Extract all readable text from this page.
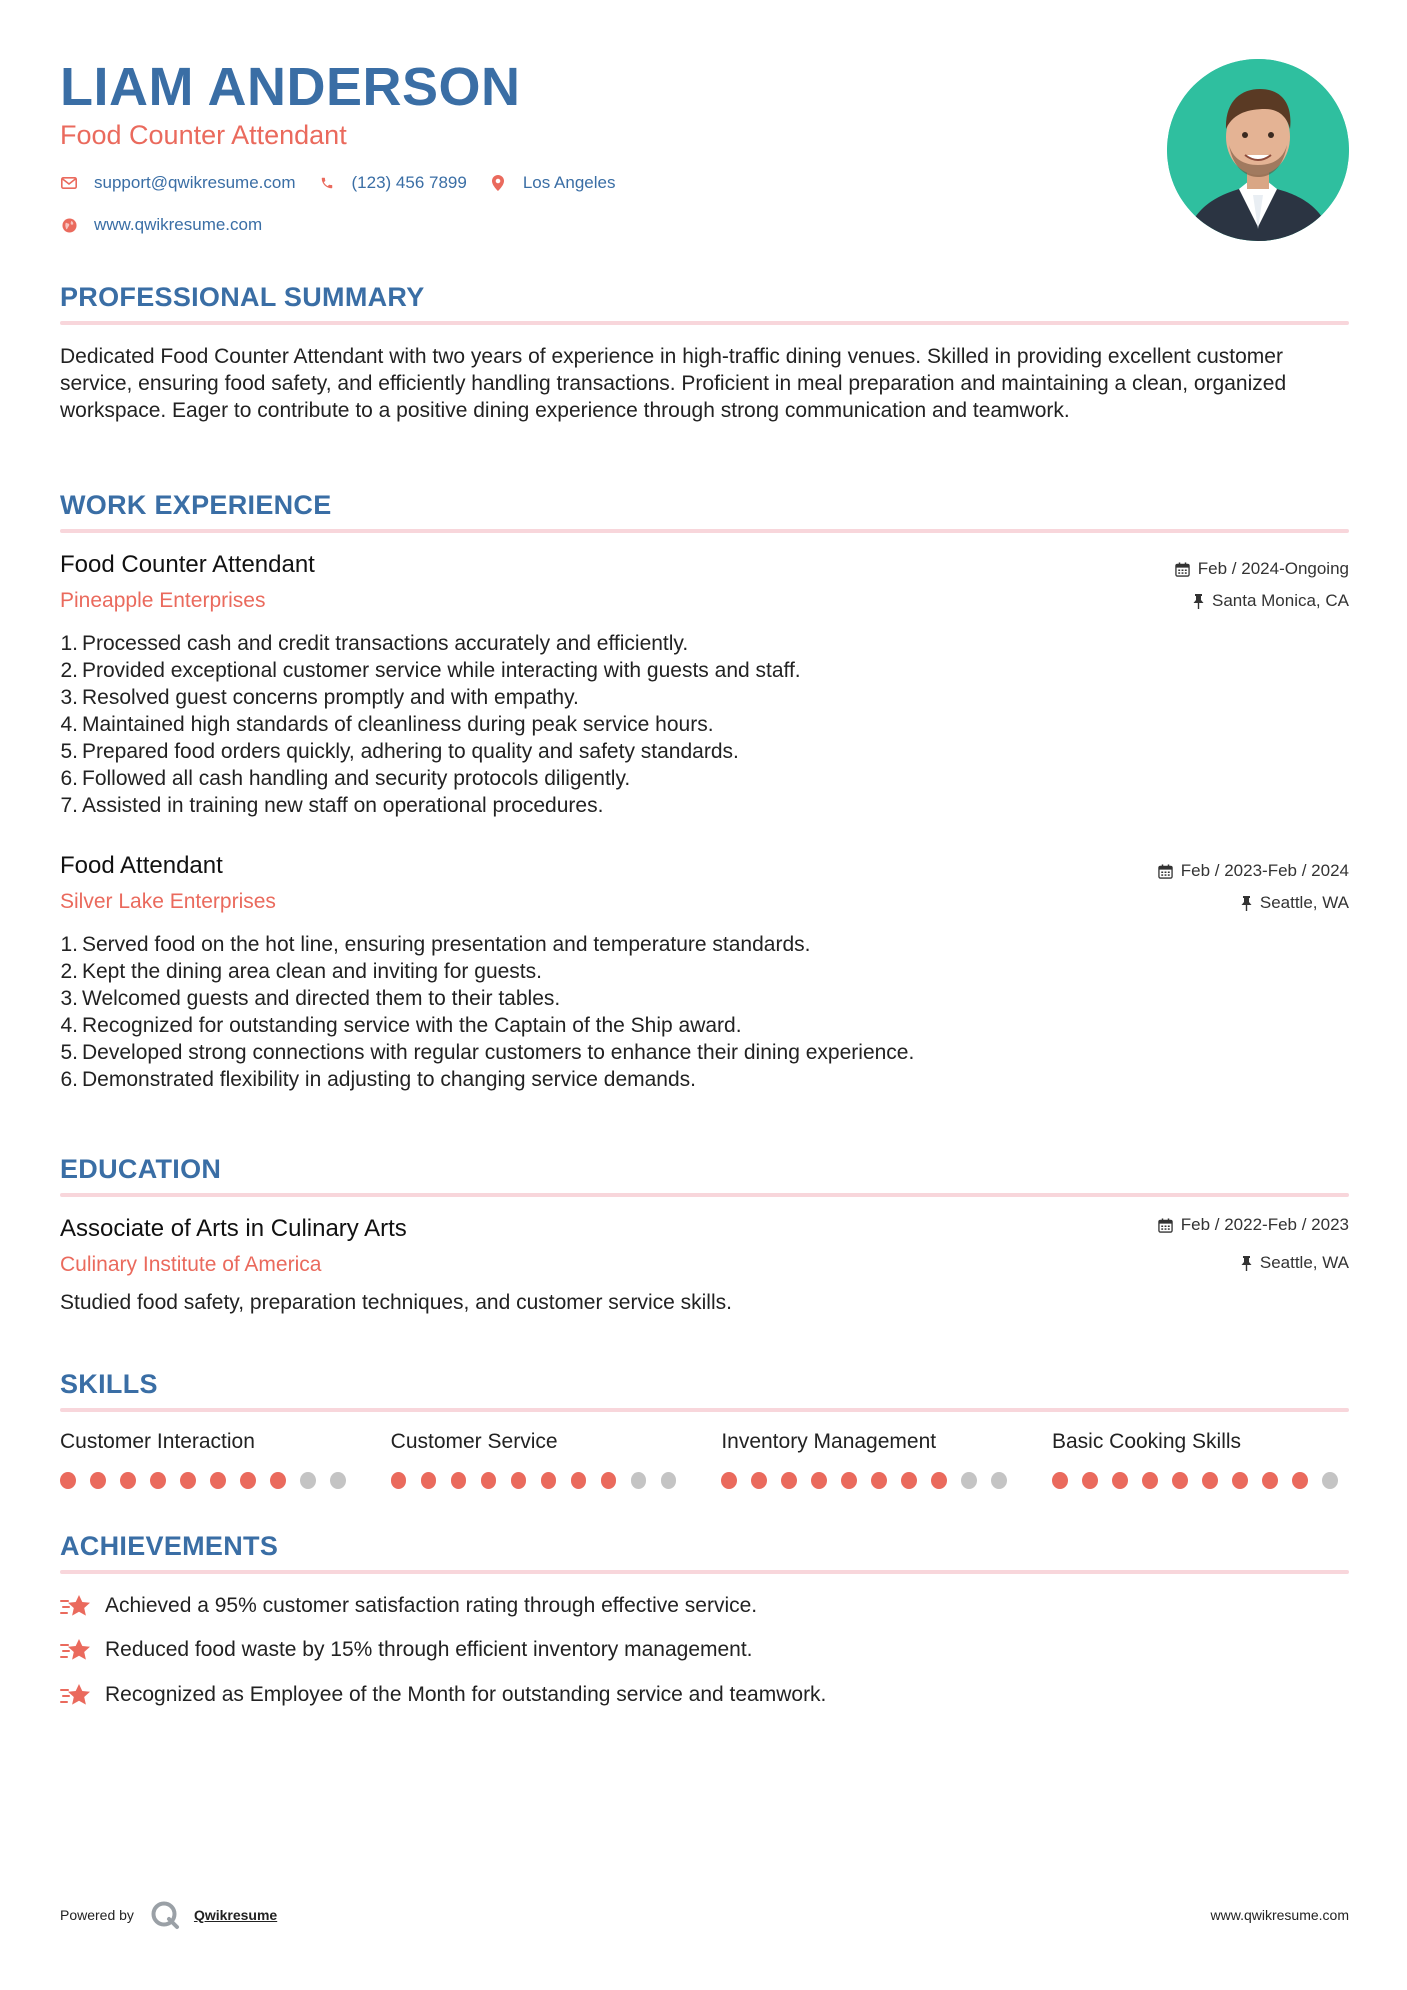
LIAM ANDERSON
Food Counter Attendant
support@qwikresume.com	(123) 456 7899	Los Angeles
www.qwikresume.com
PROFESSIONAL SUMMARY

Dedicated Food Counter Attendant with two years of experience in high-traffic dining venues. Skilled in providing excellent customer service, ensuring food safety, and efficiently handling transactions. Proficient in meal preparation and maintaining a clean, organized workspace. Eager to contribute to a positive dining experience through strong communication and teamwork.

WORK EXPERIENCE
Food Counter Attendant
Pineapple Enterprises
Feb / 2024-Ongoing
Santa Monica, CA
1. Processed cash and credit transactions accurately and efficiently.
2. Provided exceptional customer service while interacting with guests and staff.
3. Resolved guest concerns promptly and with empathy.
4. Maintained high standards of cleanliness during peak service hours.
5. Prepared food orders quickly, adhering to quality and safety standards.
6. Followed all cash handling and security protocols diligently.
7. Assisted in training new staff on operational procedures.
Food Attendant
Silver Lake Enterprises
Feb / 2023-Feb / 2024
Seattle, WA
1. Served food on the hot line, ensuring presentation and temperature standards.
2. Kept the dining area clean and inviting for guests.
3. Welcomed guests and directed them to their tables.
4. Recognized for outstanding service with the Captain of the Ship award.
5. Developed strong connections with regular customers to enhance their dining experience.
6. Demonstrated flexibility in adjusting to changing service demands.
EDUCATION
Associate of Arts in Culinary Arts
Culinary Institute of America
Feb / 2022-Feb / 2023
Seattle, WA

Studied food safety, preparation techniques, and customer service skills.

SKILLS
Customer Interaction	Customer Service	Inventory Management	Basic Cooking Skills
ACHIEVEMENTS
Achieved a 95% customer satisfaction rating through effective service.
Reduced food waste by 15% through efficient inventory management.
Recognized as Employee of the Month for outstanding service and teamwork.
Powered by	Qwikresume	www.qwikresume.com
